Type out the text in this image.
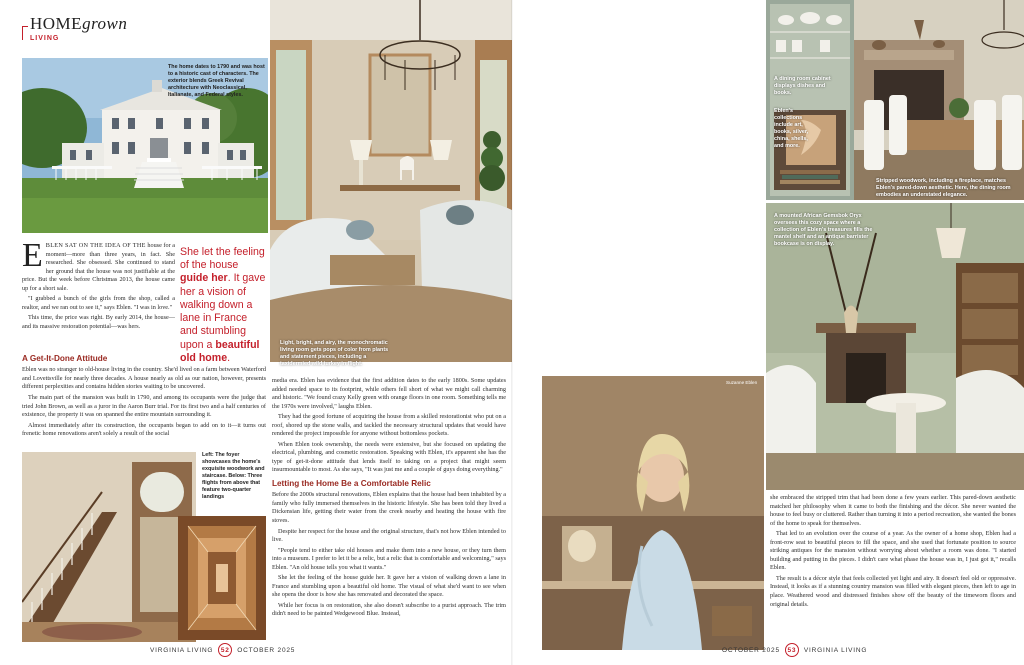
HOMEgrown
LIVING
The home dates to 1790 and was host to a historic cast of characters. The exterior blends Greek Revival architecture with Neoclassical, Italianate, and Federal styles.
Light, bright, and airy, the monochromatic living room gets pops of color from plants and statement pieces, including a taxidermied wild turkey in flight.

EBLEN SAT ON THE IDEA OF THE house for a moment—more than three years, in fact. She researched. She obsessed. She continued to stand her ground that the house was not justifiable at the price. But the week before Christmas 2013, the house came up for a short sale.

"I grabbed a bunch of the girls from the shop, called a realtor, and we ran out to see it," says Eblen. "I was in love."

This time, the price was right. By early 2014, the house—and its massive restoration potential—was hers.

She let the feeling of the house guide her. It gave her a vision of walking down a lane in France and stumbling upon a beautiful old home.
A Get-It-Done Attitude

Eblen was no stranger to old-house living in the country. She'd lived on a farm between Waterford and Lovettsville for nearly three decades. A house nearly as old as our nation, however, presents different perplexities and contains hidden stories waiting to be uncovered.

The main part of the mansion was built in 1790, and among its occupants were the judge that tried John Brown, as well as a juror in the Aaron Burr trial. For its first two and a half centuries of existence, the property it was on spanned the entire mountain surrounding it.

Almost immediately after its construction, the occupants began to add on to it—it turns out frenetic home renovations aren't solely a result of the social

Left: The foyer showcases the home's exquisite woodwork and staircase. Below: Three flights from above that feature two-quarter landings

media era. Eblen has evidence that the first addition dates to the early 1800s. Some updates added needed space to its footprint, while others fell short of what we might call charming and historic. "We found crazy Kelly green with orange floors in one room. Something tells me the 1970s were involved," laughs Eblen.

They had the good fortune of acquiring the house from a skilled restorationist who put on a roof, shored up the stone walls, and tackled the necessary structural updates that would have rendered the project impossible for anyone without bottomless pockets.

When Eblen took ownership, the needs were extensive, but she focused on updating the electrical, plumbing, and cosmetic restoration. Speaking with Eblen, it's apparent she has the type of get-it-done attitude that lends itself to taking on a project that might seem insurmountable to most. As she says, "It was just me and a couple of guys doing everything."

Letting the Home Be a Comfortable Relic

Before the 2000s structural renovations, Eblen explains that the house had been inhabited by a family who fully immersed themselves in the historic lifestyle. She has been told they lived a Dickensian life, getting their water from the creek nearby and heating the house with fire stoves.

Despite her respect for the house and the original structure, that's not how Eblen intended to live.

"People tend to either take old houses and make them into a new house, or they turn them into a museum. I prefer to let it be a relic, but a relic that is comfortable and welcoming," says Eblen. "An old house tells you what it wants."

She let the feeling of the house guide her. It gave her a vision of walking down a lane in France and stumbling upon a beautiful old home. The visual of what she'd want to see when she opens the door is how she has renovated and decorated the space.

While her focus is on restoration, she also doesn't subscribe to a purist approach. The trim didn't need to be painted Wedgewood Blue. Instead,

VIRGINIA LIVING	52	OCTOBER 2025
A dining room cabinet displays dishes and books.
Eblen's collections include art, books, silver, china, shells, and more.
Stripped woodwork, including a fireplace, matches Eblen's pared-down aesthetic. Here, the dining room embodies an understated elegance.
A mounted African Gemsbok Oryx oversees this cozy space where a collection of Eblen's treasures fills the mantel shelf and an antique barrister bookcase is on display.
Suzanne Eblen

she embraced the stripped trim that had been done a few years earlier. This pared-down aesthetic matched her philosophy when it came to both the finishing and the décor. She never wanted the house to feel busy or cluttered. Rather than turning it into a period recreation, she wanted the bones of the home to speak for themselves.

That led to an evolution over the course of a year. As the owner of a home shop, Eblen had a front-row seat to beautiful pieces to fill the space, and she used that fortunate position to source striking antiques for the mansion without worrying about whether a room was done. "I started building and putting in the pieces. I didn't care what phase the house was in, I just got it," recalls Eblen.

The result is a décor style that feels collected yet light and airy. It doesn't feel old or oppressive. Instead, it looks as if a stunning country mansion was filled with elegant pieces, then left to age in place. Weathered wood and distressed finishes show off the beauty of the timeworn floors and original details.

OCTOBER 2025	53	VIRGINIA LIVING
